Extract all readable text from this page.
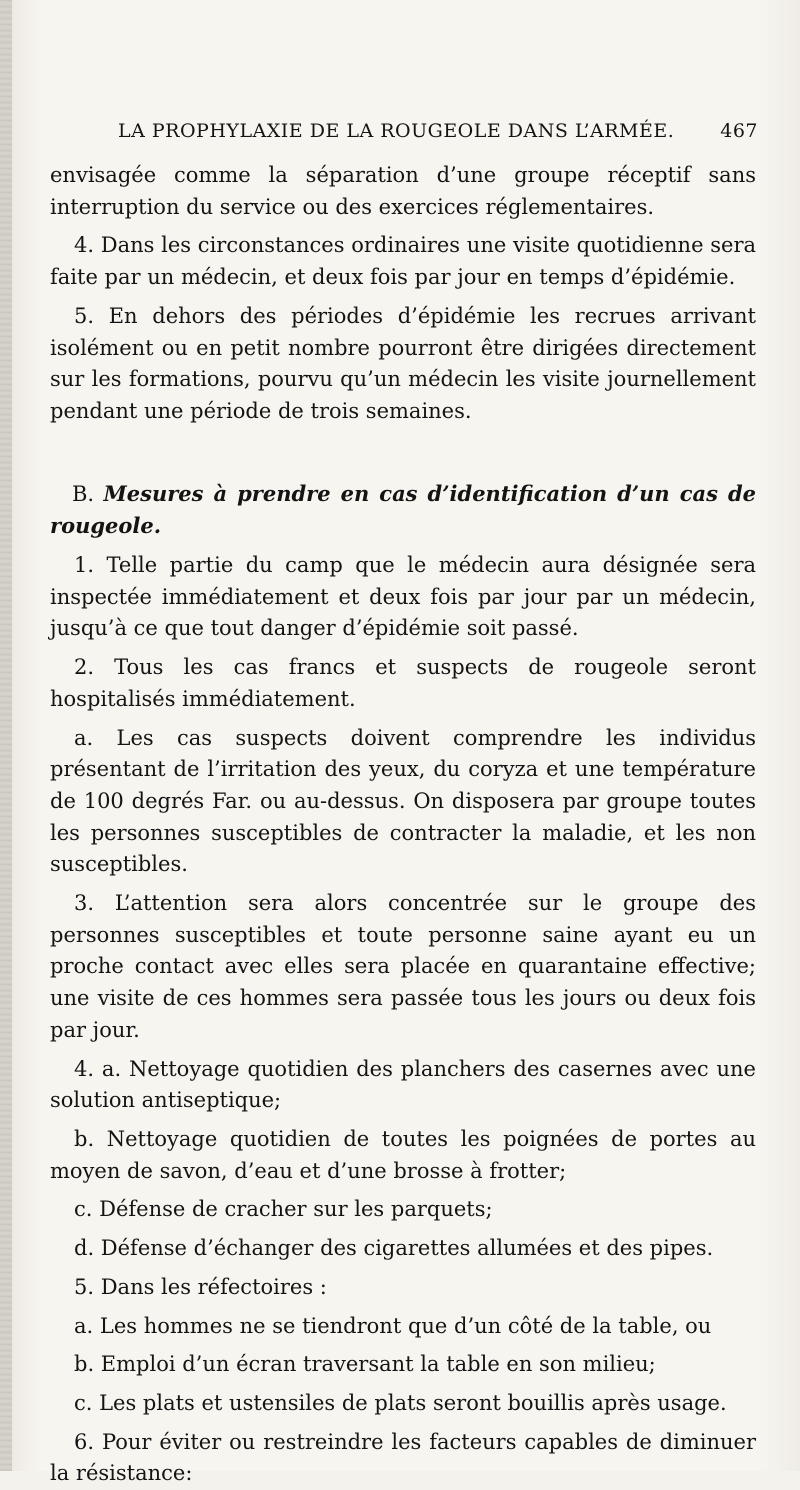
LA PROPHYLAXIE DE LA ROUGEOLE DANS L’ARMÉE. 467

envisagée comme la séparation d’une groupe réceptif sans interruption du service ou des exercices réglementaires.

4. Dans les circonstances ordinaires une visite quotidienne sera faite par un médecin, et deux fois par jour en temps d’épidémie.

5. En dehors des périodes d’épidémie les recrues arrivant isolément ou en petit nombre pourront être dirigées directement sur les formations, pourvu qu’un médecin les visite journellement pendant une période de trois semaines.

B. Mesures à prendre en cas d’identification d’un cas de rougeole.

1. Telle partie du camp que le médecin aura désignée sera inspectée immédiatement et deux fois par jour par un médecin, jusqu’à ce que tout danger d’épidémie soit passé.

2. Tous les cas francs et suspects de rougeole seront hospitalisés immédiatement.

a. Les cas suspects doivent comprendre les individus présentant de l’irritation des yeux, du coryza et une température de 100 degrés Far. ou au-dessus. On disposera par groupe toutes les personnes susceptibles de contracter la maladie, et les non susceptibles.

3. L’attention sera alors concentrée sur le groupe des personnes susceptibles et toute personne saine ayant eu un proche contact avec elles sera placée en quarantaine effective; une visite de ces hommes sera passée tous les jours ou deux fois par jour.

4. a. Nettoyage quotidien des planchers des casernes avec une solution antiseptique;

b. Nettoyage quotidien de toutes les poignées de portes au moyen de savon, d’eau et d’une brosse à frotter;

c. Défense de cracher sur les parquets;

d. Défense d’échanger des cigarettes allumées et des pipes.

5. Dans les réfectoires :

a. Les hommes ne se tiendront que d’un côté de la table, ou

b. Emploi d’un écran traversant la table en son milieu;

c. Les plats et ustensiles de plats seront bouillis après usage.

6. Pour éviter ou restreindre les facteurs capables de diminuer la résistance:
